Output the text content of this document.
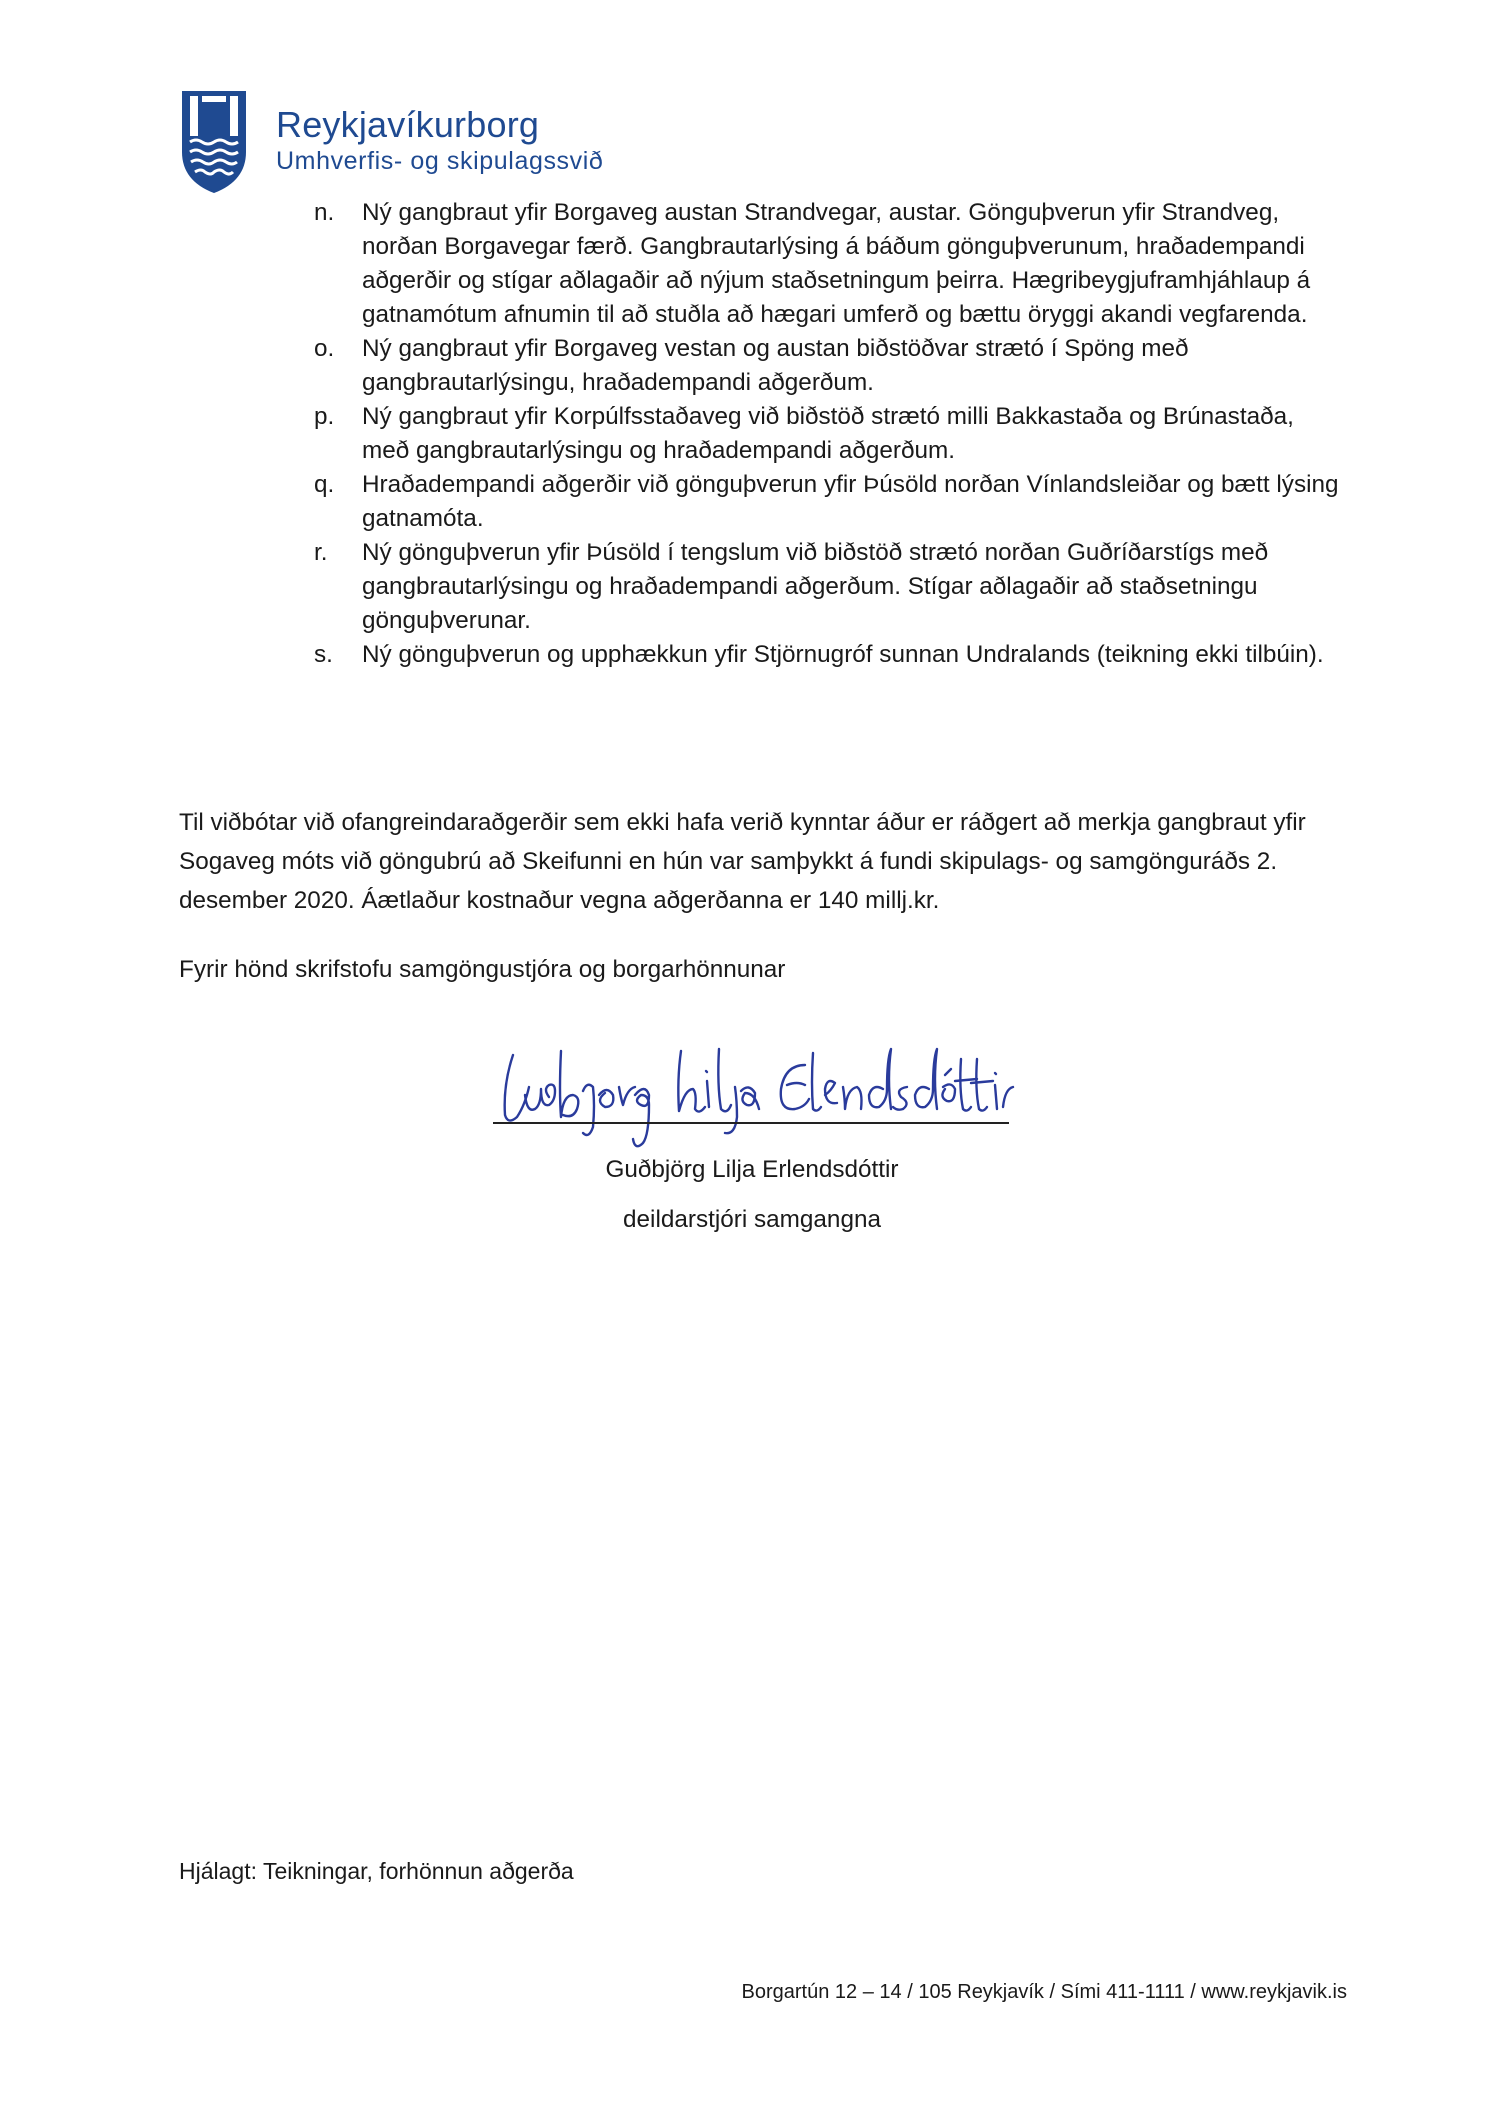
Reykjavíkurborg
Umhverfis- og skipulagssvið
n. Ný gangbraut yfir Borgaveg austan Strandvegar, austar. Gönguþverun yfir Strandveg, norðan Borgavegar færð. Gangbrautarlýsing á báðum gönguþverunum, hraðadempandi aðgerðir og stígar aðlagaðir að nýjum staðsetningum þeirra. Hægribeygjuframhjáhlaup á gatnamótum afnumin til að stuðla að hægari umferð og bættu öryggi akandi vegfarenda.
o. Ný gangbraut yfir Borgaveg vestan og austan biðstöðvar strætó í Spöng með gangbrautarlýsingu, hraðadempandi aðgerðum.
p. Ný gangbraut yfir Korpúlfsstaðaveg við biðstöð strætó milli Bakkastaða og Brúnastaða, með gangbrautarlýsingu og hraðadempandi aðgerðum.
q. Hraðadempandi aðgerðir við gönguþverun yfir Þúsöld norðan Vínlandsleiðar og bætt lýsing gatnamóta.
r. Ný gönguþverun yfir Þúsöld í tengslum við biðstöð strætó norðan Guðríðarstígs með gangbrautarlýsingu og hraðadempandi aðgerðum. Stígar aðlagaðir að staðsetningu gönguþverunar.
s. Ný gönguþverun og upphækkun yfir Stjörnugróf sunnan Undralands (teikning ekki tilbúin).

Til viðbótar við ofangreindaraðgerðir sem ekki hafa verið kynntar áður er ráðgert að merkja gangbraut yfir Sogaveg móts við göngubrú að Skeifunni en hún var samþykkt á fundi skipulags- og samgönguráðs 2. desember 2020. Áætlaður kostnaður vegna aðgerðanna er 140 millj.kr.

Fyrir hönd skrifstofu samgöngustjóra og borgarhönnunar

Guðbjörg Lilja Erlendsdóttir
deildarstjóri samgangna
Hjálagt: Teikningar, forhönnun aðgerða
Borgartún 12 – 14 / 105 Reykjavík / Sími 411-1111 / www.reykjavik.is
